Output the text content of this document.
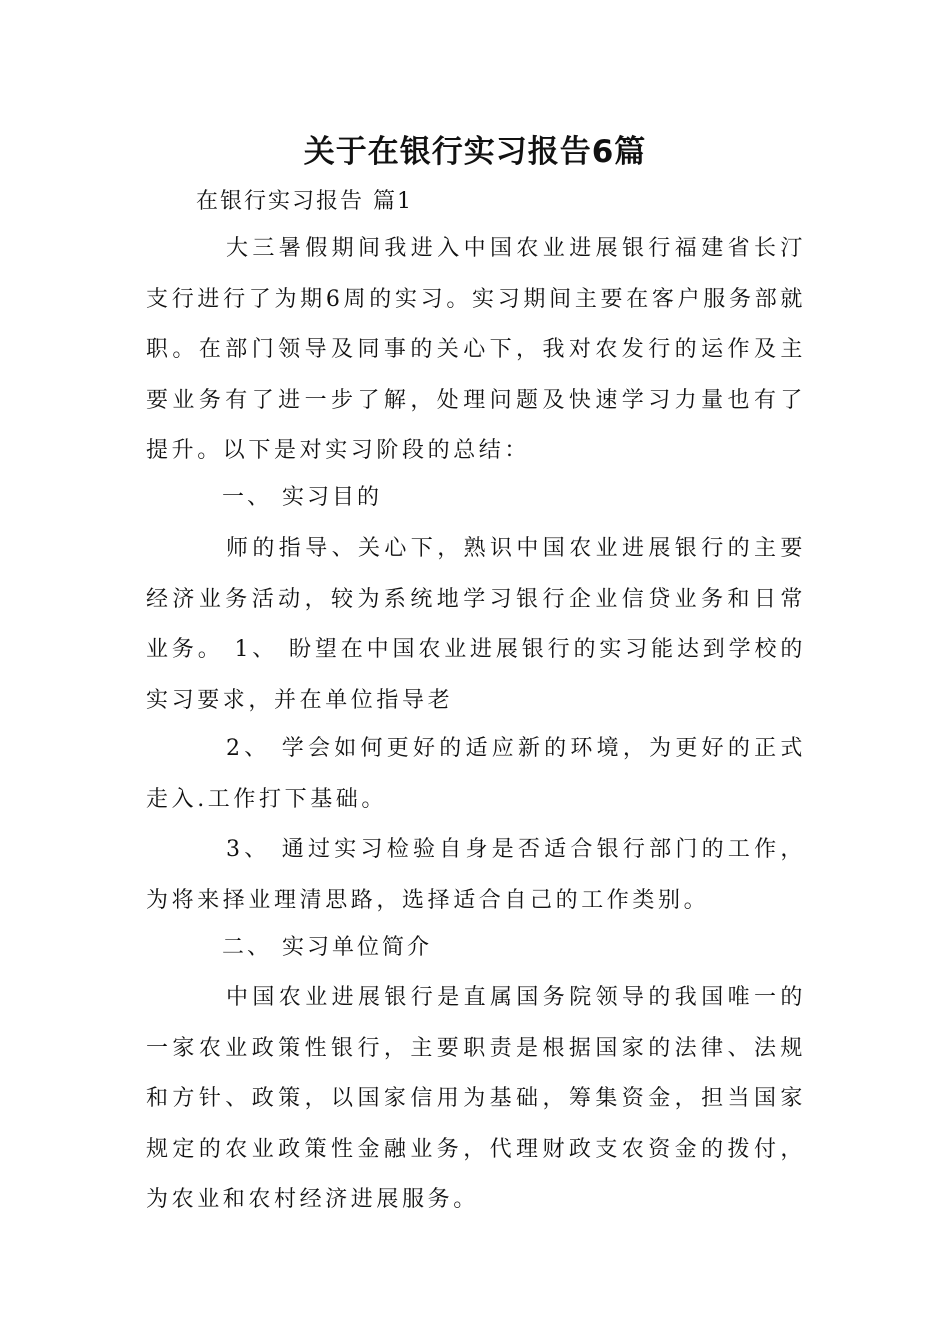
关于在银行实习报告6篇

在银行实习报告 篇1

大三暑假期间我进入中国农业进展银行福建省长汀支行进行了为期6周的实习。实习期间主要在客户服务部就职。在部门领导及同事的关心下，我对农发行的运作及主要业务有了进一步了解，处理问题及快速学习力量也有了提升。以下是对实习阶段的总结：

一、 实习目的

师的指导、关心下，熟识中国农业进展银行的主要经济业务活动，较为系统地学习银行企业信贷业务和日常业务。 1、 盼望在中国农业进展银行的实习能达到学校的实习要求，并在单位指导老

2、 学会如何更好的适应新的环境，为更好的正式走入.工作打下基础。

3、 通过实习检验自身是否适合银行部门的工作，为将来择业理清思路，选择适合自己的工作类别。

二、 实习单位简介

中国农业进展银行是直属国务院领导的我国唯一的一家农业政策性银行，主要职责是根据国家的法律、法规和方针、政策，以国家信用为基础，筹集资金，担当国家规定的农业政策性金融业务，代理财政支农资金的拨付，为农业和农村经济进展服务。
